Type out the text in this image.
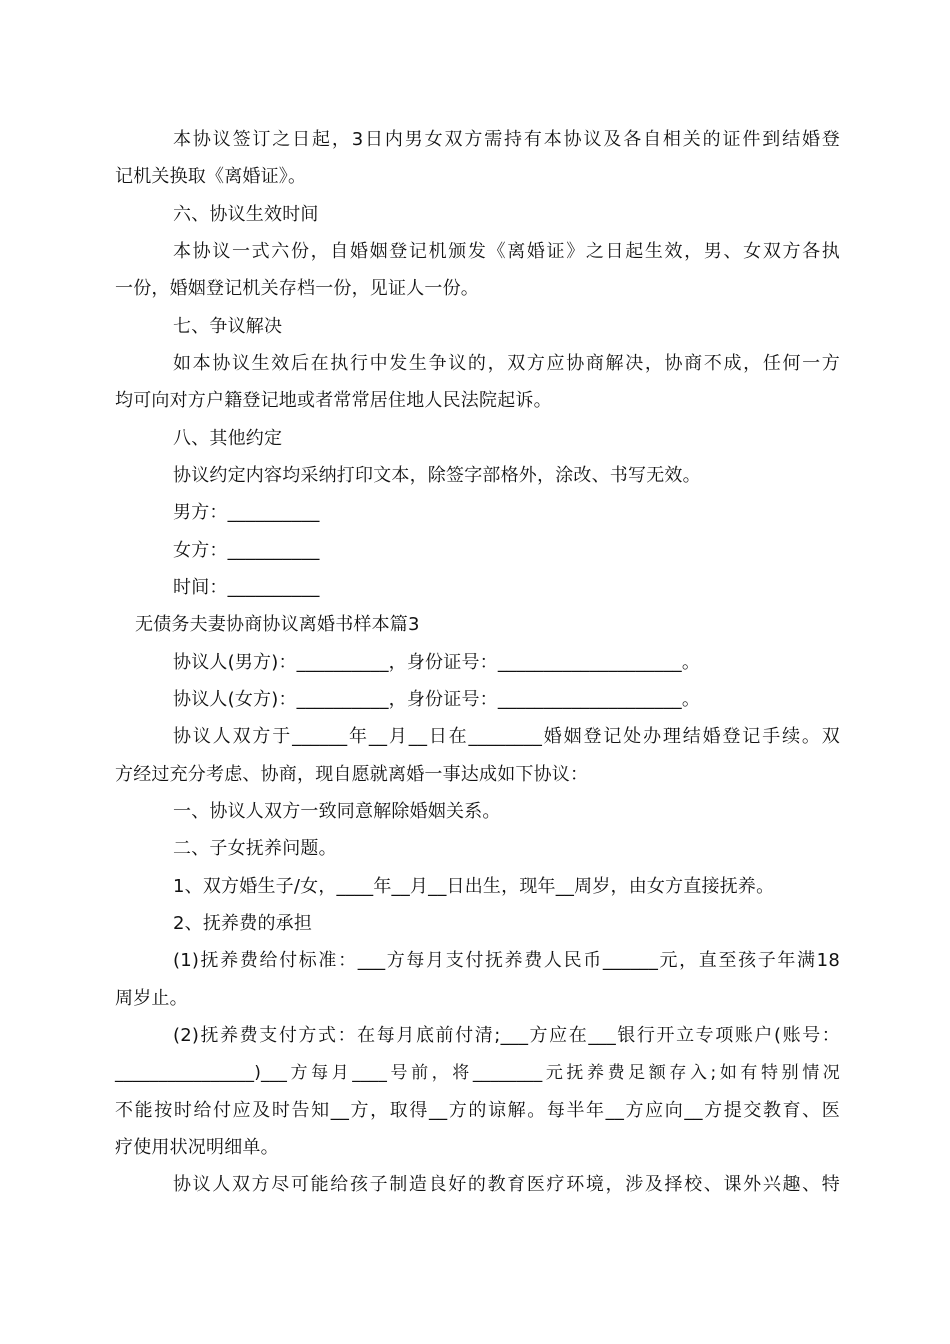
本协议签订之日起，3日内男女双方需持有本协议及各自相关的证件到结婚登
记机关换取《离婚证》。
六、协议生效时间
本协议一式六份，自婚姻登记机颁发《离婚证》之日起生效，男、女双方各执
一份，婚姻登记机关存档一份，见证人一份。
七、争议解决
如本协议生效后在执行中发生争议的，双方应协商解决，协商不成，任何一方
均可向对方户籍登记地或者常常居住地人民法院起诉。
八、其他约定
协议约定内容均采纳打印文本，除签字部格外，涂改、书写无效。
男方：__________
女方：__________
时间：__________
无债务夫妻协商协议离婚书样本篇3
协议人(男方)：__________，身份证号：____________________。
协议人(女方)：__________，身份证号：____________________。
协议人双方于______年__月__日在________婚姻登记处办理结婚登记手续。双
方经过充分考虑、协商，现自愿就离婚一事达成如下协议：
一、协议人双方一致同意解除婚姻关系。
二、子女抚养问题。
1、双方婚生子/女，____年__月__日出生，现年__周岁，由女方直接抚养。
2、抚养费的承担
(1)抚养费给付标准：___方每月支付抚养费人民币______元，直至孩子年满18
周岁止。
(2)抚养费支付方式：在每月底前付清;___方应在___银行开立专项账户(账号：
________________)___方每月____号前，将________元抚养费足额存入;如有特别情况
不能按时给付应及时告知__方，取得__方的谅解。每半年__方应向__方提交教育、医
疗使用状况明细单。
协议人双方尽可能给孩子制造良好的教育医疗环境，涉及择校、课外兴趣、特
